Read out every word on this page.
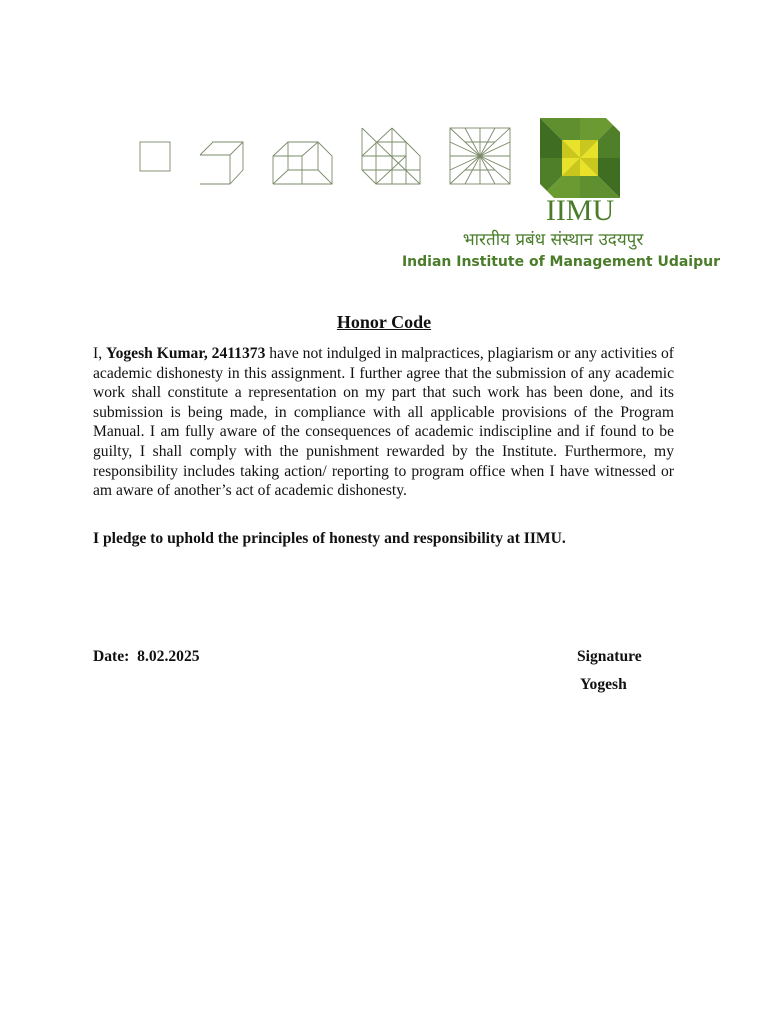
IIMU
भारतीय प्रबंध संस्थान उदयपुर
Indian Institute of Management Udaipur
Honor Code

I, Yogesh Kumar, 2411373 have not indulged in malpractices, plagiarism or any activities of academic dishonesty in this assignment. I further agree that the submission of any academic work shall constitute a representation on my part that such work has been done, and its submission is being made, in compliance with all applicable provisions of the Program Manual. I am fully aware of the consequences of academic indiscipline and if found to be guilty, I shall comply with the punishment rewarded by the Institute. Furthermore, my responsibility includes taking action/ reporting to program office when I have witnessed or am aware of another’s act of academic dishonesty.

I pledge to uphold the principles of honesty and responsibility at IIMU.

Date: 8.02.2025	Signature
Yogesh
